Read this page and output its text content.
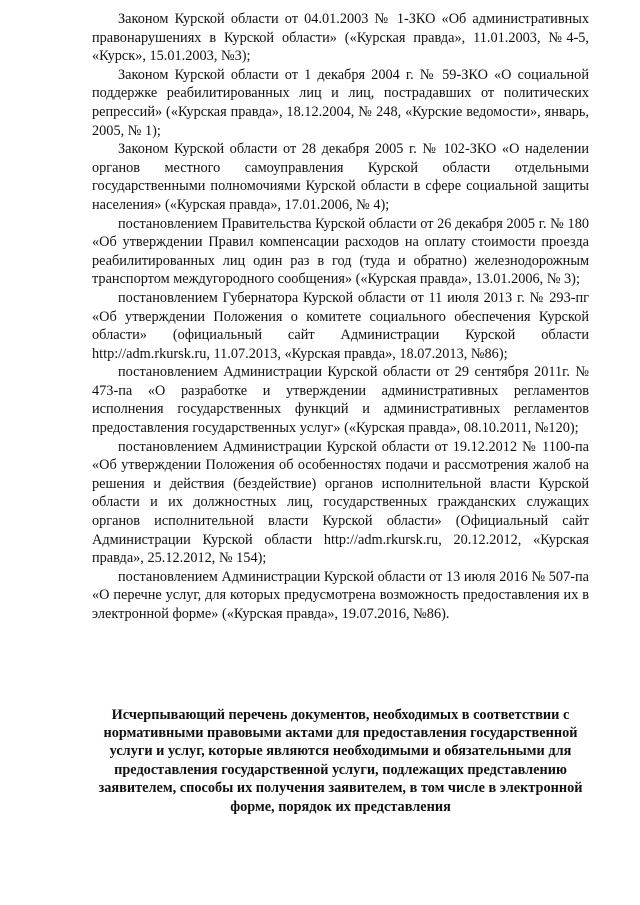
Законом Курской области от 04.01.2003 № 1-ЗКО «Об административных правонарушениях в Курской области» («Курская правда», 11.01.2003, №4-5, «Курск», 15.01.2003, №3);

Законом Курской области от 1 декабря 2004 г. № 59-ЗКО «О социальной поддержке реабилитированных лиц и лиц, пострадавших от политических репрессий» («Курская правда», 18.12.2004, № 248, «Курские ведомости», январь, 2005, № 1);

Законом Курской области от 28 декабря 2005 г. № 102-ЗКО «О наделении органов местного самоуправления Курской области отдельными государственными полномочиями Курской области в сфере социальной защиты населения» («Курская правда», 17.01.2006, № 4);

постановлением Правительства Курской области от 26 декабря 2005 г. № 180 «Об утверждении Правил компенсации расходов на оплату стоимости проезда реабилитированных лиц один раз в год (туда и обратно) железнодорожным транспортом междугородного сообщения» («Курская правда», 13.01.2006, № 3);

постановлением Губернатора Курской области от 11 июля 2013 г. № 293-пг «Об утверждении Положения о комитете социального обеспечения Курской области» (официальный сайт Администрации Курской области http://adm.rkursk.ru, 11.07.2013, «Курская правда», 18.07.2013, №86);

постановлением Администрации Курской области от 29 сентября 2011г. № 473-па «О разработке и утверждении административных регламентов исполнения государственных функций и административных регламентов предоставления государственных услуг» («Курская правда», 08.10.2011, №120);

постановлением Администрации Курской области от 19.12.2012 № 1100-па «Об утверждении Положения об особенностях подачи и рассмотрения жалоб на решения и действия (бездействие) органов исполнительной власти Курской области и их должностных лиц, государственных гражданских служащих органов исполнительной власти Курской области» (Официальный сайт Администрации Курской области http://adm.rkursk.ru, 20.12.2012, «Курская правда», 25.12.2012, № 154);

постановлением Администрации Курской области от 13 июля 2016 № 507-па «О перечне услуг, для которых предусмотрена возможность предоставления их в электронной форме» («Курская правда», 19.07.2016, №86).

Исчерпывающий перечень документов, необходимых в соответствии с нормативными правовыми актами для предоставления государственной услуги и услуг, которые являются необходимыми и обязательными для предоставления государственной услуги, подлежащих представлению заявителем, способы их получения заявителем, в том числе в электронной форме, порядок их представления
